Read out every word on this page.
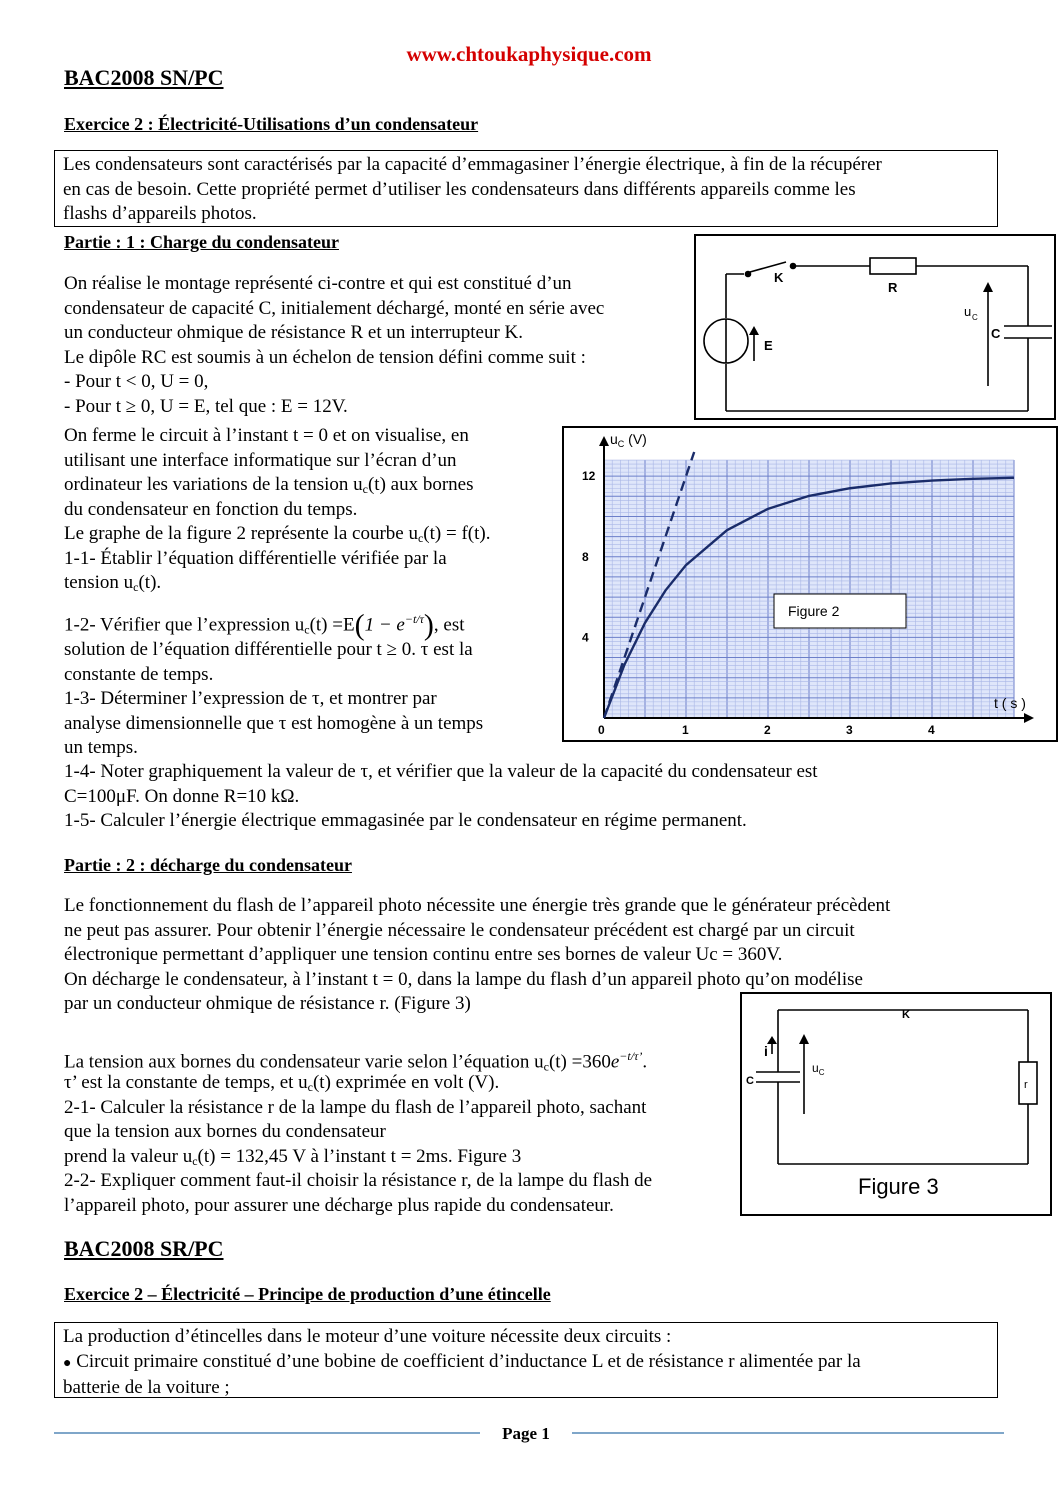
www.chtoukaphysique.com
BAC2008 SN/PC
Exercice 2 : Électricité-Utilisations d’un condensateur

Les condensateurs sont caractérisés par la capacité d’emmagasiner l’énergie électrique, à fin de la récupérer

en cas de besoin. Cette propriété permet d’utiliser les condensateurs dans différents appareils comme les

flashs d’appareils photos.

Partie : 1 : Charge du condensateur

On réalise le montage représenté ci-contre et qui est constitué d’un

condensateur de capacité C, initialement déchargé, monté en série avec

un conducteur ohmique de résistance R et un interrupteur K.

Le dipôle RC est soumis à un échelon de tension défini comme suit :

- Pour t < 0, U = 0,

- Pour t ≥ 0, U = E, tel que : E = 12V.

On ferme le circuit à l’instant t = 0 et on visualise, en

utilisant une interface informatique sur l’écran d’un

ordinateur les variations de la tension $u_c(t)$ aux bornes

du condensateur en fonction du temps.

Le graphe de la figure 2 représente la courbe $u_c(t) = f(t)$.

1-1- Établir l’équation différentielle vérifiée par la

tension $u_c(t)$.

1-2- Vérifier que l’expression $u_c(t) =E(1 - e^{-t/\tau})$, est

solution de l’équation différentielle pour t ≥ 0. τ est la

constante de temps.

1-3- Déterminer l’expression de τ, et montrer par

analyse dimensionnelle que τ est homogène à un temps

un temps.

1-4- Noter graphiquement la valeur de τ, et vérifier que la valeur de la capacité du condensateur est

C=100μF. On donne R=10 kΩ.

1-5- Calculer l’énergie électrique emmagasinée par le condensateur en régime permanent.

K
R
u C
C
E
1	2	3	4
4
8
12
$u_C$ (V)
t ( s )
0
Figure 2
Partie : 2 : décharge du condensateur

Le fonctionnement du flash de l’appareil photo nécessite une énergie très grande que le générateur précèdent

ne peut pas assurer. Pour obtenir l’énergie nécessaire le condensateur précédent est chargé par un circuit

électronique permettant d’appliquer une tension continu entre ses bornes de valeur Uc = 360V.

On décharge le condensateur, à l’instant t = 0, dans la lampe du flash d’un appareil photo qu’on modélise

par un conducteur ohmique de résistance r. (Figure 3)

La tension aux bornes du condensateur varie selon l’équation $u_c(t) =360e^{-t/\tau’}$.

τ’ est la constante de temps, et $u_c(t)$ exprimée en volt (V).

2-1- Calculer la résistance r de la lampe du flash de l’appareil photo, sachant

que la tension aux bornes du condensateur

prend la valeur $u_c(t) = 132,45$ V à l’instant t = 2ms. Figure 3

2-2- Expliquer comment faut-il choisir la résistance r, de la lampe du flash de

l’appareil photo, pour assurer une décharge plus rapide du condensateur.

K
i
C
$u_C$
r
Figure 3
BAC2008 SR/PC
Exercice 2 – Électricité – Principe de production d’une étincelle

La production d’étincelles dans le moteur d’une voiture nécessite deux circuits :

● Circuit primaire constitué d’une bobine de coefficient d’inductance L et de résistance r alimentée par la

batterie de la voiture ;

Page 1
